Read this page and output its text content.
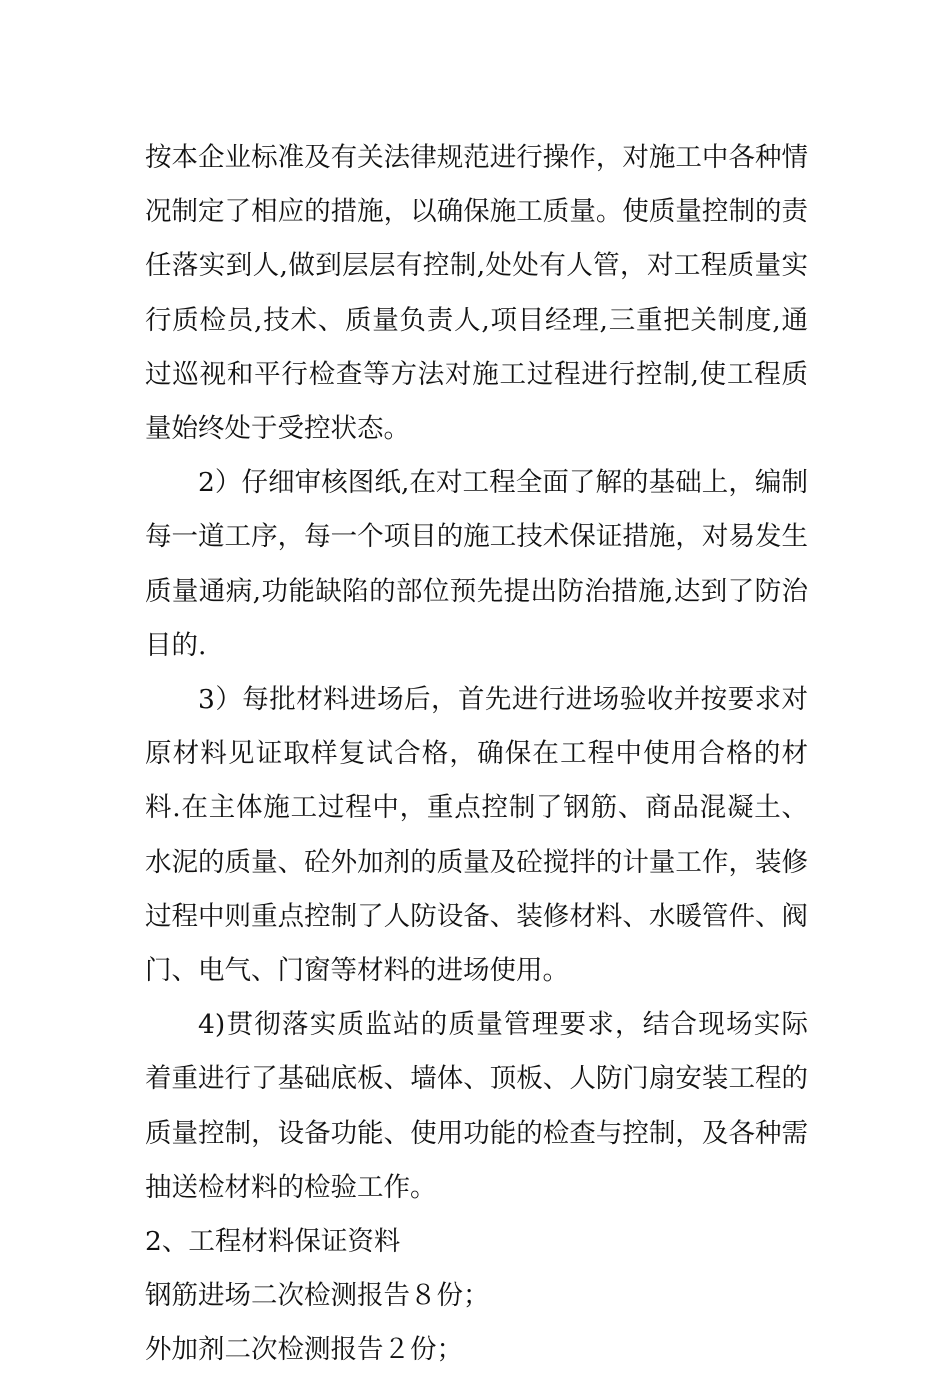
按本企业标准及有关法律规范进行操作，对施工中各种情况制定了相应的措施，以确保施工质量。使质量控制的责任落实到人,做到层层有控制,处处有人管，对工程质量实行质检员,技术、质量负责人,项目经理,三重把关制度,通过巡视和平行检查等方法对施工过程进行控制,使工程质量始终处于受控状态。

2）仔细审核图纸,在对工程全面了解的基础上，编制每一道工序，每一个项目的施工技术保证措施，对易发生质量通病,功能缺陷的部位预先提出防治措施,达到了防治目的.

3）每批材料进场后，首先进行进场验收并按要求对原材料见证取样复试合格，确保在工程中使用合格的材料.在主体施工过程中，重点控制了钢筋、商品混凝土、水泥的质量、砼外加剂的质量及砼搅拌的计量工作，装修过程中则重点控制了人防设备、装修材料、水暖管件、阀门、电气、门窗等材料的进场使用。

4)贯彻落实质监站的质量管理要求，结合现场实际着重进行了基础底板、墙体、顶板、人防门扇安装工程的质量控制，设备功能、使用功能的检查与控制，及各种需抽送检材料的检验工作。

2、工程材料保证资料

钢筋进场二次检测报告８份；

外加剂二次检测报告２份；
